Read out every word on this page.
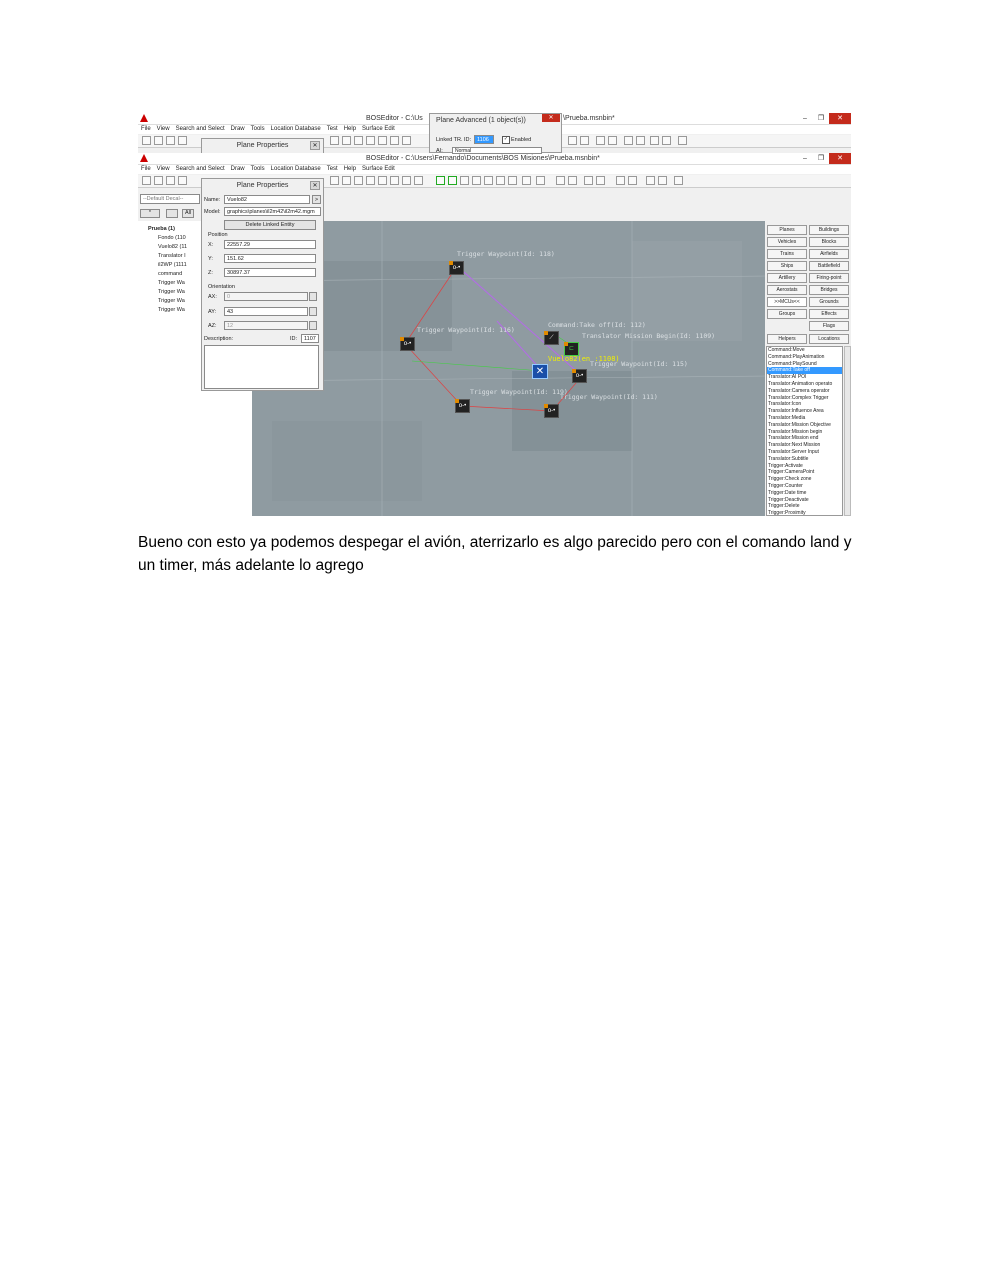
BOSEditor - C:\Us	\Prueba.msnbin*	–	❐	✕
File View Search and Select Draw Tools Location Database Test Help Surface Edit
BOSEditor - C:\Users\Fernando\Documents\BOS Misiones\Prueba.msnbin*	–	❐	✕
File View Search and Select Draw Tools Location Database Test Help Surface Edit
--Default Decal--
*	All
Prueba (1)
Fondo (110
Vuelo82 (11
Translator I
il2WP (1111
command
Trigger Wa
Trigger Wa
Trigger Wa
Trigger Wa
o-•
o-•
o-•
o-•
o-•
⟋
⊏
✕
Trigger Waypoint(Id: 118)
Command:Take off(Id: 112)
Translator Mission Begin(Id: 1109)
Vuelo82(en :1108)
Trigger Waypoint(Id: 116)
Trigger Waypoint(Id: 115)
Trigger Waypoint(Id: 119)
Trigger Waypoint(Id: 111)
Planes	Buildings
Vehicles	Blocks
Trains	Airfields
Ships	Battlefield
Artillery	Firing-point
Aerostats	Bridges
>>MCUs<<	Grounds
Groups	Effects
Flags
Helpers	Locations
Command:Move
Command:PlayAnimation
Command:PlaySound
Command:Take off
Translator:AI POI
Translator:Animation operato
Translator:Camera operator
Translator:Complex Trigger
Translator:Icon
Translator:Influence Area
Translator:Media
Translator:Mission Objective
Translator:Mission begin
Translator:Mission end
Translator:Next Mission
Translator:Server Input
Translator:Subtitle
Trigger:Activate
Trigger:CameraPoint
Trigger:Check zone
Trigger:Counter
Trigger:Date time
Trigger:Deactivate
Trigger:Delete
Trigger:Proximity
Plane Advanced (1 object(s))	✕
Linked TR. ID:	1106	✓ Enabled
AI:	Normal
Plane Properties	✕
Plane Properties	✕
Name:	Vuelo82	>
Model:	graphics\planes\il2m42\il2m42.mgm
Delete Linked Entity
Position
X:	22557.29
Y:	151.62
Z:	30897.37
Orientation
AX:	0
AY:	43
AZ:	12
Description:	ID:	1107
Bueno con esto ya podemos despegar el avión, aterrizarlo es algo parecido pero con el comando land y un timer, más adelante lo agrego
